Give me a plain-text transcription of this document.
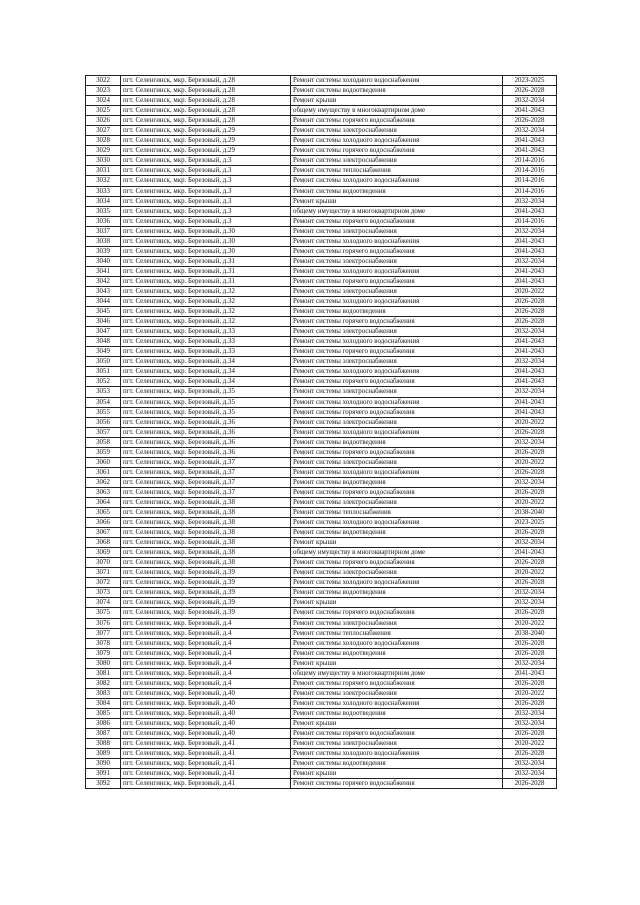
3022	пгт. Селенгинск, мкр. Березовый, д.28	Ремонт системы холодного водоснабжения	2023-2025
3023	пгт. Селенгинск, мкр. Березовый, д.28	Ремонт системы водоотведения	2026-2028
3024	пгт. Селенгинск, мкр. Березовый, д.28	Ремонт крыши	2032-2034
3025	пгт. Селенгинск, мкр. Березовый, д.28	общему имуществу в многоквартирном доме	2041-2043
3026	пгт. Селенгинск, мкр. Березовый, д.28	Ремонт системы горячего водоснабжения	2026-2028
3027	пгт. Селенгинск, мкр. Березовый, д.29	Ремонт системы электроснабжения	2032-2034
3028	пгт. Селенгинск, мкр. Березовый, д.29	Ремонт системы холодного водоснабжения	2041-2043
3029	пгт. Селенгинск, мкр. Березовый, д.29	Ремонт системы горячего водоснабжения	2041-2043
3030	пгт. Селенгинск, мкр. Березовый, д.3	Ремонт системы электроснабжения	2014-2016
3031	пгт. Селенгинск, мкр. Березовый, д.3	Ремонт системы теплоснабжения	2014-2016
3032	пгт. Селенгинск, мкр. Березовый, д.3	Ремонт системы холодного водоснабжения	2014-2016
3033	пгт. Селенгинск, мкр. Березовый, д.3	Ремонт системы водоотведения	2014-2016
3034	пгт. Селенгинск, мкр. Березовый, д.3	Ремонт крыши	2032-2034
3035	пгт. Селенгинск, мкр. Березовый, д.3	общему имуществу в многоквартирном доме	2041-2043
3036	пгт. Селенгинск, мкр. Березовый, д.3	Ремонт системы горячего водоснабжения	2014-2016
3037	пгт. Селенгинск, мкр. Березовый, д.30	Ремонт системы электроснабжения	2032-2034
3038	пгт. Селенгинск, мкр. Березовый, д.30	Ремонт системы холодного водоснабжения	2041-2043
3039	пгт. Селенгинск, мкр. Березовый, д.30	Ремонт системы горячего водоснабжения	2041-2043
3040	пгт. Селенгинск, мкр. Березовый, д.31	Ремонт системы электроснабжения	2032-2034
3041	пгт. Селенгинск, мкр. Березовый, д.31	Ремонт системы холодного водоснабжения	2041-2043
3042	пгт. Селенгинск, мкр. Березовый, д.31	Ремонт системы горячего водоснабжения	2041-2043
3043	пгт. Селенгинск, мкр. Березовый, д.32	Ремонт системы электроснабжения	2020-2022
3044	пгт. Селенгинск, мкр. Березовый, д.32	Ремонт системы холодного водоснабжения	2026-2028
3045	пгт. Селенгинск, мкр. Березовый, д.32	Ремонт системы водоотведения	2026-2028
3046	пгт. Селенгинск, мкр. Березовый, д.32	Ремонт системы горячего водоснабжения	2026-2028
3047	пгт. Селенгинск, мкр. Березовый, д.33	Ремонт системы электроснабжения	2032-2034
3048	пгт. Селенгинск, мкр. Березовый, д.33	Ремонт системы холодного водоснабжения	2041-2043
3049	пгт. Селенгинск, мкр. Березовый, д.33	Ремонт системы горячего водоснабжения	2041-2043
3050	пгт. Селенгинск, мкр. Березовый, д.34	Ремонт системы электроснабжения	2032-2034
3051	пгт. Селенгинск, мкр. Березовый, д.34	Ремонт системы холодного водоснабжения	2041-2043
3052	пгт. Селенгинск, мкр. Березовый, д.34	Ремонт системы горячего водоснабжения	2041-2043
3053	пгт. Селенгинск, мкр. Березовый, д.35	Ремонт системы электроснабжения	2032-2034
3054	пгт. Селенгинск, мкр. Березовый, д.35	Ремонт системы холодного водоснабжения	2041-2043
3055	пгт. Селенгинск, мкр. Березовый, д.35	Ремонт системы горячего водоснабжения	2041-2043
3056	пгт. Селенгинск, мкр. Березовый, д.36	Ремонт системы электроснабжения	2020-2022
3057	пгт. Селенгинск, мкр. Березовый, д.36	Ремонт системы холодного водоснабжения	2026-2028
3058	пгт. Селенгинск, мкр. Березовый, д.36	Ремонт системы водоотведения	2032-2034
3059	пгт. Селенгинск, мкр. Березовый, д.36	Ремонт системы горячего водоснабжения	2026-2028
3060	пгт. Селенгинск, мкр. Березовый, д.37	Ремонт системы электроснабжения	2020-2022
3061	пгт. Селенгинск, мкр. Березовый, д.37	Ремонт системы холодного водоснабжения	2026-2028
3062	пгт. Селенгинск, мкр. Березовый, д.37	Ремонт системы водоотведения	2032-2034
3063	пгт. Селенгинск, мкр. Березовый, д.37	Ремонт системы горячего водоснабжения	2026-2028
3064	пгт. Селенгинск, мкр. Березовый, д.38	Ремонт системы электроснабжения	2020-2022
3065	пгт. Селенгинск, мкр. Березовый, д.38	Ремонт системы теплоснабжения	2038-2040
3066	пгт. Селенгинск, мкр. Березовый, д.38	Ремонт системы холодного водоснабжения	2023-2025
3067	пгт. Селенгинск, мкр. Березовый, д.38	Ремонт системы водоотведения	2026-2028
3068	пгт. Селенгинск, мкр. Березовый, д.38	Ремонт крыши	2032-2034
3069	пгт. Селенгинск, мкр. Березовый, д.38	общему имуществу в многоквартирном доме	2041-2043
3070	пгт. Селенгинск, мкр. Березовый, д.38	Ремонт системы горячего водоснабжения	2026-2028
3071	пгт. Селенгинск, мкр. Березовый, д.39	Ремонт системы электроснабжения	2020-2022
3072	пгт. Селенгинск, мкр. Березовый, д.39	Ремонт системы холодного водоснабжения	2026-2028
3073	пгт. Селенгинск, мкр. Березовый, д.39	Ремонт системы водоотведения	2032-2034
3074	пгт. Селенгинск, мкр. Березовый, д.39	Ремонт крыши	2032-2034
3075	пгт. Селенгинск, мкр. Березовый, д.39	Ремонт системы горячего водоснабжения	2026-2028
3076	пгт. Селенгинск, мкр. Березовый, д.4	Ремонт системы электроснабжения	2020-2022
3077	пгт. Селенгинск, мкр. Березовый, д.4	Ремонт системы теплоснабжения	2038-2040
3078	пгт. Селенгинск, мкр. Березовый, д.4	Ремонт системы холодного водоснабжения	2026-2028
3079	пгт. Селенгинск, мкр. Березовый, д.4	Ремонт системы водоотведения	2026-2028
3080	пгт. Селенгинск, мкр. Березовый, д.4	Ремонт крыши	2032-2034
3081	пгт. Селенгинск, мкр. Березовый, д.4	общему имуществу в многоквартирном доме	2041-2043
3082	пгт. Селенгинск, мкр. Березовый, д.4	Ремонт системы горячего водоснабжения	2026-2028
3083	пгт. Селенгинск, мкр. Березовый, д.40	Ремонт системы электроснабжения	2020-2022
3084	пгт. Селенгинск, мкр. Березовый, д.40	Ремонт системы холодного водоснабжения	2026-2028
3085	пгт. Селенгинск, мкр. Березовый, д.40	Ремонт системы водоотведения	2032-2034
3086	пгт. Селенгинск, мкр. Березовый, д.40	Ремонт крыши	2032-2034
3087	пгт. Селенгинск, мкр. Березовый, д.40	Ремонт системы горячего водоснабжения	2026-2028
3088	пгт. Селенгинск, мкр. Березовый, д.41	Ремонт системы электроснабжения	2020-2022
3089	пгт. Селенгинск, мкр. Березовый, д.41	Ремонт системы холодного водоснабжения	2026-2028
3090	пгт. Селенгинск, мкр. Березовый, д.41	Ремонт системы водоотведения	2032-2034
3091	пгт. Селенгинск, мкр. Березовый, д.41	Ремонт крыши	2032-2034
3092	пгт. Селенгинск, мкр. Березовый, д.41	Ремонт системы горячего водоснабжения	2026-2028
